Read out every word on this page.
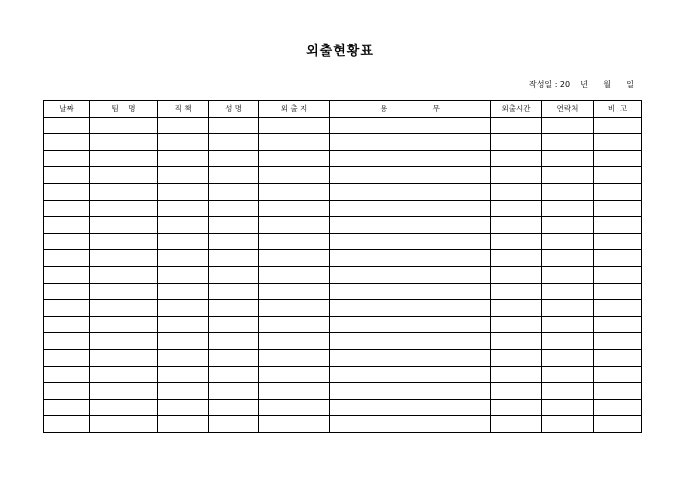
외출현황표
작성일 : 20    년      월      일
날짜	팀    명	직 책	성 명	외 출 지	용                   무	외출시간	연락처	비  고
